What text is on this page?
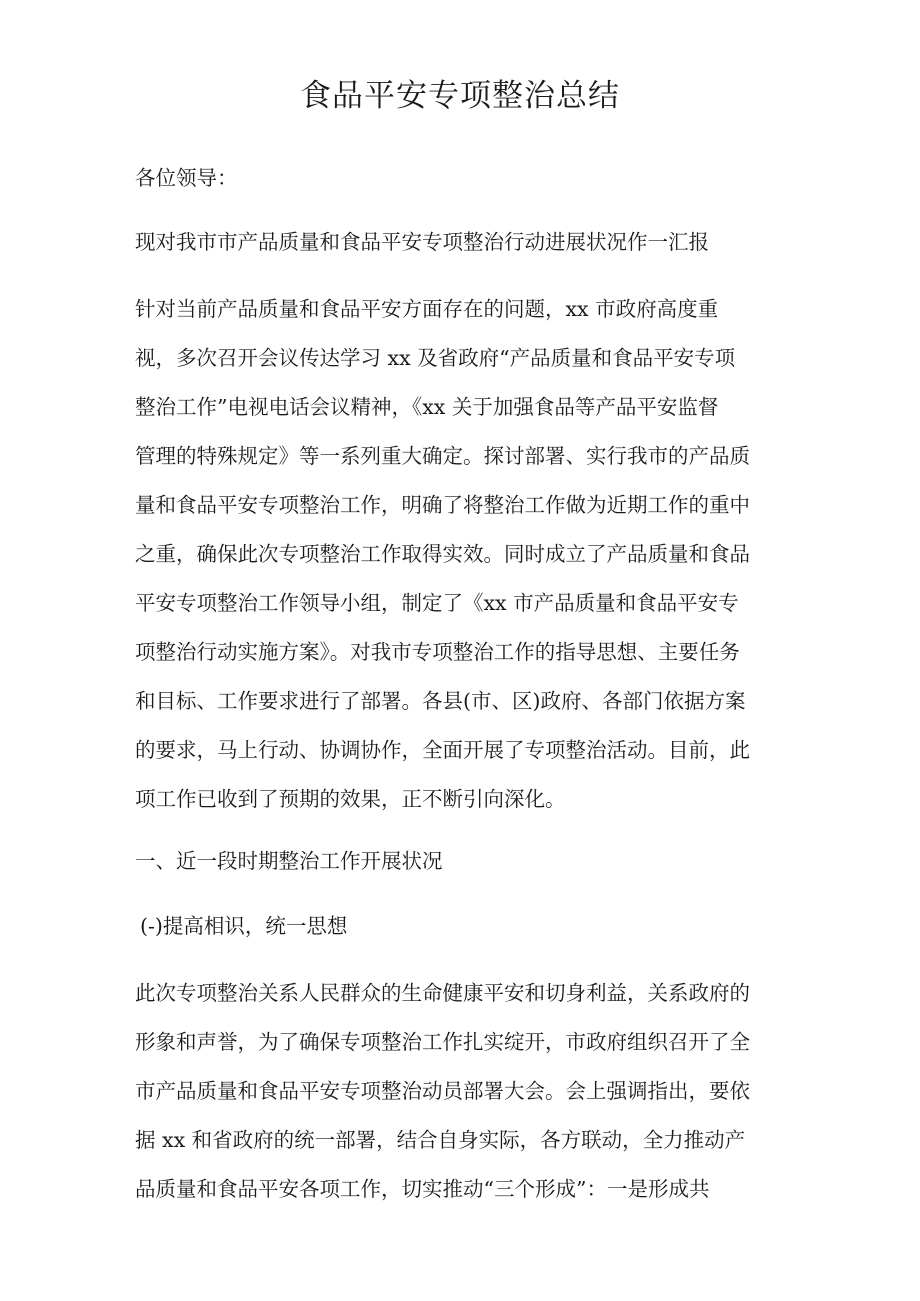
食品平安专项整治总结

各位领导：

现对我市市产品质量和食品平安专项整治行动进展状况作一汇报

针对当前产品质量和食品平安方面存在的问题，xx 市政府高度重
视，多次召开会议传达学习 xx 及省政府“产品质量和食品平安专项
整治工作”电视电话会议精神，《xx 关于加强食品等产品平安监督
管理的特殊规定》等一系列重大确定。探讨部署、实行我市的产品质
量和食品平安专项整治工作，明确了将整治工作做为近期工作的重中
之重，确保此次专项整治工作取得实效。同时成立了产品质量和食品
平安专项整治工作领导小组，制定了《xx 市产品质量和食品平安专
项整治行动实施方案》。对我市专项整治工作的指导思想、主要任务
和目标、工作要求进行了部署。各县(市、区)政府、各部门依据方案
的要求，马上行动、协调协作，全面开展了专项整治活动。目前，此
项工作已收到了预期的效果，正不断引向深化。

一、近一段时期整治工作开展状况

(-)提高相识，统一思想

此次专项整治关系人民群众的生命健康平安和切身利益，关系政府的
形象和声誉，为了确保专项整治工作扎实绽开，市政府组织召开了全
市产品质量和食品平安专项整治动员部署大会。会上强调指出，要依
据 xx 和省政府的统一部署，结合自身实际，各方联动，全力推动产
品质量和食品平安各项工作，切实推动“三个形成”：一是形成共
